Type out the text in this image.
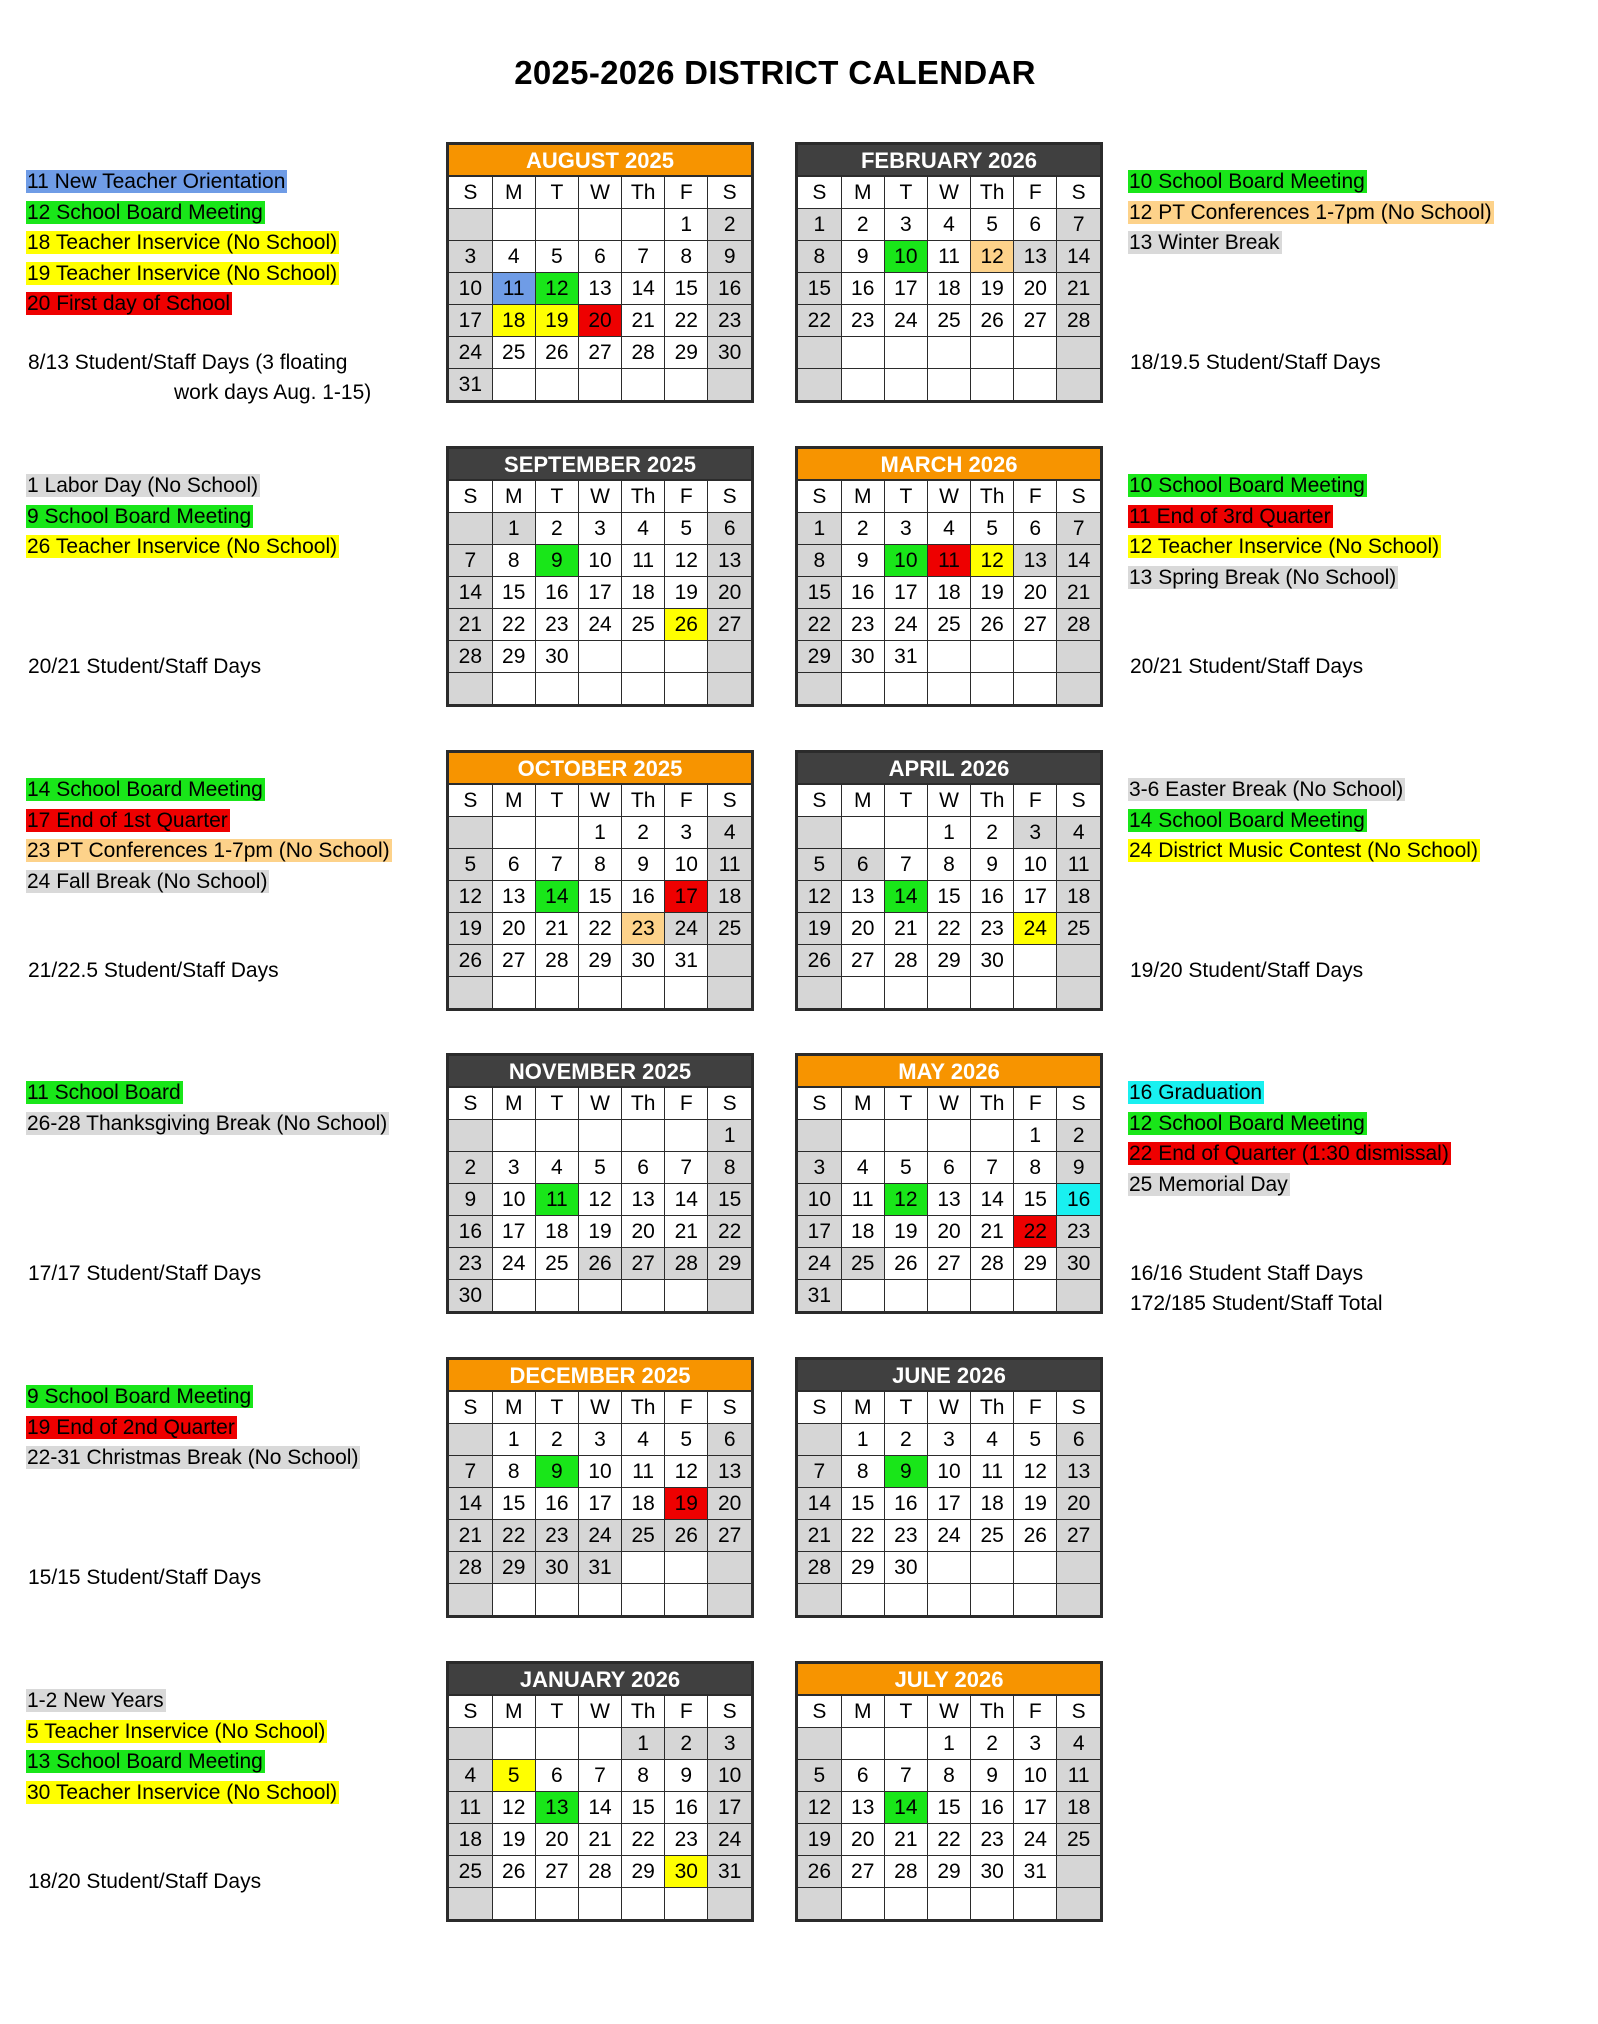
2025-2026 DISTRICT CALENDAR
AUGUST 2025
S	M	T	W	Th	F	S
					1	2
3	4	5	6	7	8	9
10	11	12	13	14	15	16
17	18	19	20	21	22	23
24	25	26	27	28	29	30
31						
SEPTEMBER 2025
S	M	T	W	Th	F	S
	1	2	3	4	5	6
7	8	9	10	11	12	13
14	15	16	17	18	19	20
21	22	23	24	25	26	27
28	29	30				

OCTOBER 2025
S	M	T	W	Th	F	S
			1	2	3	4
5	6	7	8	9	10	11
12	13	14	15	16	17	18
19	20	21	22	23	24	25
26	27	28	29	30	31	

NOVEMBER 2025
S	M	T	W	Th	F	S
						1
2	3	4	5	6	7	8
9	10	11	12	13	14	15
16	17	18	19	20	21	22
23	24	25	26	27	28	29
30						
DECEMBER 2025
S	M	T	W	Th	F	S
	1	2	3	4	5	6
7	8	9	10	11	12	13
14	15	16	17	18	19	20
21	22	23	24	25	26	27
28	29	30	31			

JANUARY 2026
S	M	T	W	Th	F	S
				1	2	3
4	5	6	7	8	9	10
11	12	13	14	15	16	17
18	19	20	21	22	23	24
25	26	27	28	29	30	31

FEBRUARY 2026
S	M	T	W	Th	F	S
1	2	3	4	5	6	7
8	9	10	11	12	13	14
15	16	17	18	19	20	21
22	23	24	25	26	27	28

MARCH 2026
S	M	T	W	Th	F	S
1	2	3	4	5	6	7
8	9	10	11	12	13	14
15	16	17	18	19	20	21
22	23	24	25	26	27	28
29	30	31				

APRIL 2026
S	M	T	W	Th	F	S
			1	2	3	4
5	6	7	8	9	10	11
12	13	14	15	16	17	18
19	20	21	22	23	24	25
26	27	28	29	30		

MAY 2026
S	M	T	W	Th	F	S
					1	2
3	4	5	6	7	8	9
10	11	12	13	14	15	16
17	18	19	20	21	22	23
24	25	26	27	28	29	30
31						
JUNE 2026
S	M	T	W	Th	F	S
	1	2	3	4	5	6
7	8	9	10	11	12	13
14	15	16	17	18	19	20
21	22	23	24	25	26	27
28	29	30				

JULY 2026
S	M	T	W	Th	F	S
			1	2	3	4
5	6	7	8	9	10	11
12	13	14	15	16	17	18
19	20	21	22	23	24	25
26	27	28	29	30	31	

11 New Teacher Orientation
12 School Board Meeting
18 Teacher Inservice (No School)
19 Teacher Inservice (No School)
20 First day of School
8/13 Student/Staff Days (3 floating
work days Aug. 1-15)
1 Labor Day (No School)
9 School Board Meeting
26 Teacher Inservice (No School)
20/21 Student/Staff Days
14 School Board Meeting
17 End of 1st Quarter
23 PT Conferences 1-7pm (No School)
24 Fall Break (No School)
21/22.5 Student/Staff Days
11 School Board
26-28 Thanksgiving Break (No School)
17/17 Student/Staff Days
9 School Board Meeting
19 End of 2nd Quarter
22-31 Christmas Break (No School)
15/15 Student/Staff Days
1-2 New Years
5 Teacher Inservice (No School)
13 School Board Meeting
30 Teacher Inservice (No School)
18/20 Student/Staff Days
10 School Board Meeting
12 PT Conferences 1-7pm (No School)
13 Winter Break
18/19.5 Student/Staff Days
10 School Board Meeting
11 End of 3rd Quarter
12 Teacher Inservice (No School)
13 Spring Break (No School)
20/21 Student/Staff Days
3-6 Easter Break (No School)
14 School Board Meeting
24 District Music Contest (No School)
19/20 Student/Staff Days
16 Graduation
12 School Board Meeting
22 End of Quarter (1:30 dismissal)
25 Memorial Day
16/16 Student Staff Days
172/185 Student/Staff Total
